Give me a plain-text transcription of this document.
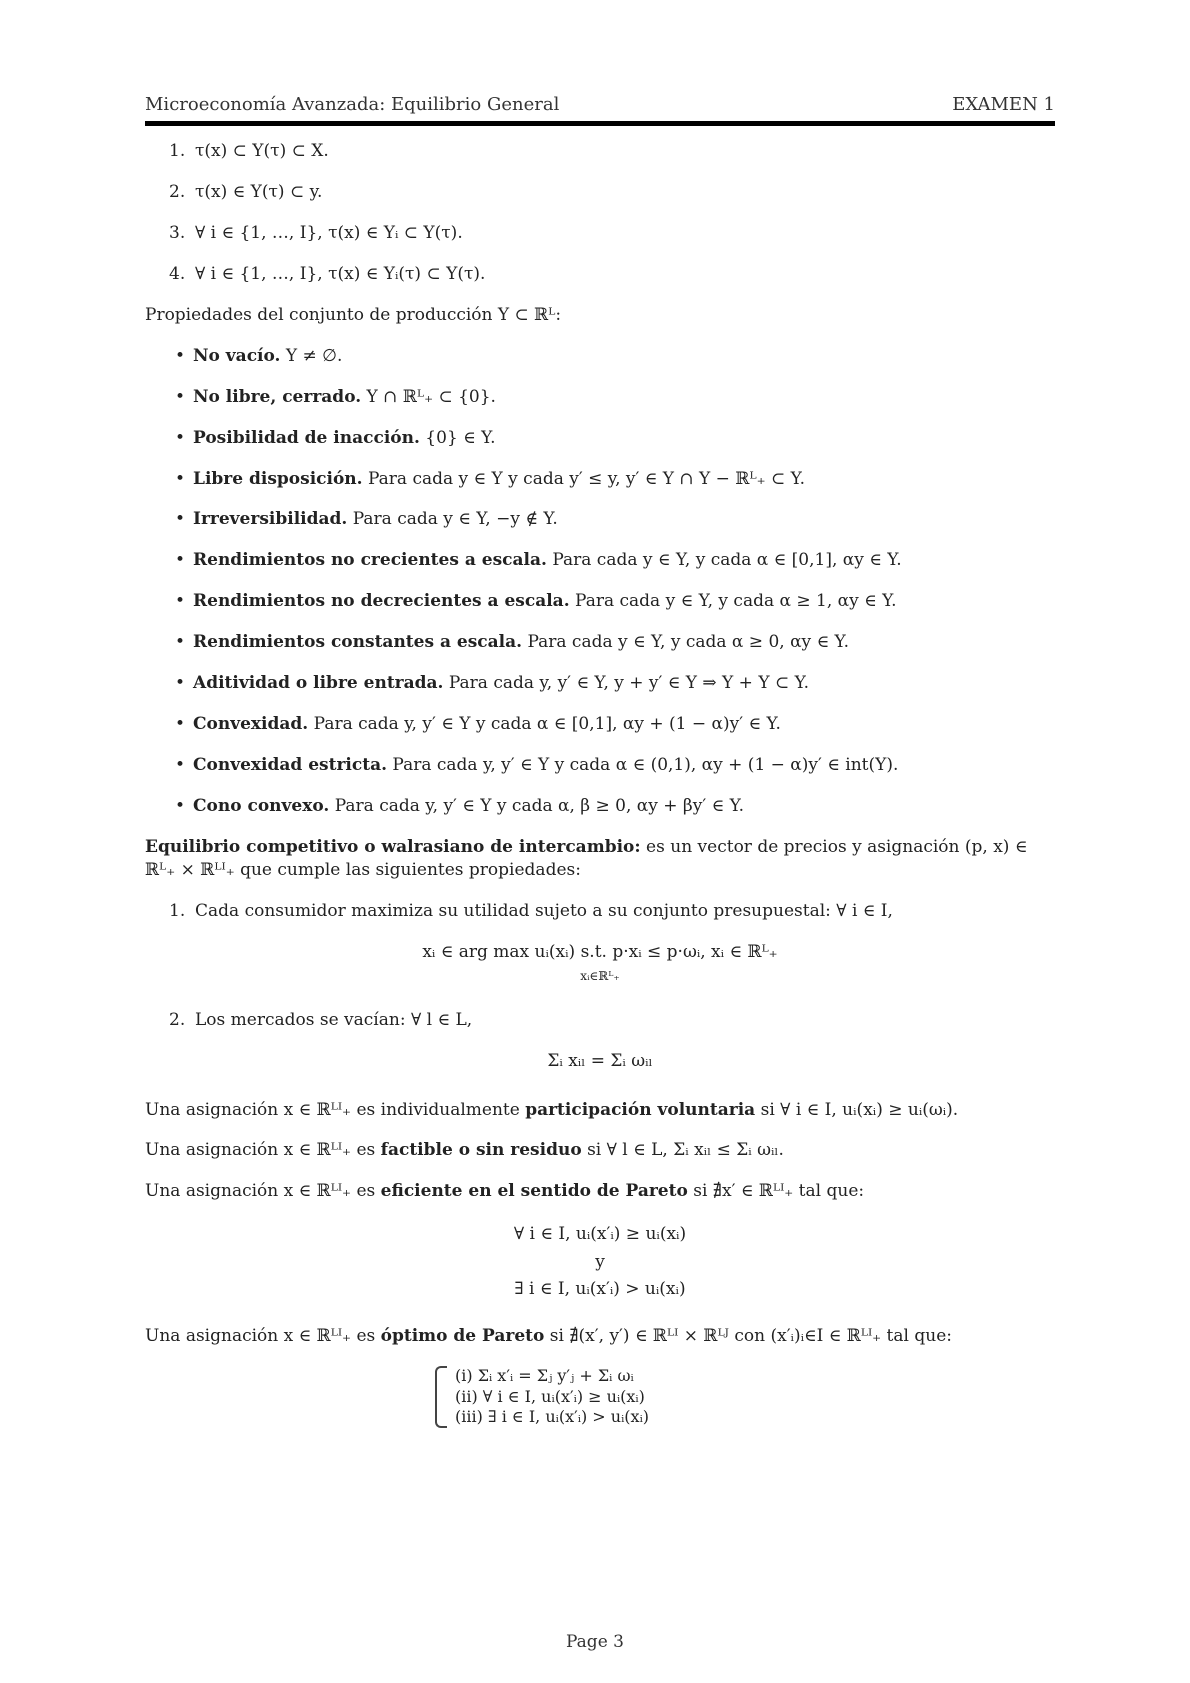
Microeconomía Avanzada: Equilibrio General	EXAMEN 1
1. τ(x) ⊂ Y(τ) ⊂ X.
2. τ(x) ∈ Y(τ) ⊂ y.
3. ∀ i ∈ {1, …, I}, τ(x) ∈ Yᵢ ⊂ Y(τ).
4. ∀ i ∈ {1, …, I}, τ(x) ∈ Yᵢ(τ) ⊂ Y(τ).

Propiedades del conjunto de producción Y ⊂ ℝᴸ:

• No vacío. Y ≠ ∅.
• No libre, cerrado. Y ∩ ℝᴸ₊ ⊂ {0}.
• Posibilidad de inacción. {0} ∈ Y.
• Libre disposición. Para cada y ∈ Y y cada y′ ≤ y, y′ ∈ Y ∩ Y − ℝᴸ₊ ⊂ Y.
• Irreversibilidad. Para cada y ∈ Y, −y ∉ Y.
• Rendimientos no crecientes a escala. Para cada y ∈ Y, y cada α ∈ [0,1], αy ∈ Y.
• Rendimientos no decrecientes a escala. Para cada y ∈ Y, y cada α ≥ 1, αy ∈ Y.
• Rendimientos constantes a escala. Para cada y ∈ Y, y cada α ≥ 0, αy ∈ Y.
• Aditividad o libre entrada. Para cada y, y′ ∈ Y, y + y′ ∈ Y ⇒ Y + Y ⊂ Y.
• Convexidad. Para cada y, y′ ∈ Y y cada α ∈ [0,1], αy + (1 − α)y′ ∈ Y.
• Convexidad estricta. Para cada y, y′ ∈ Y y cada α ∈ (0,1), αy + (1 − α)y′ ∈ int(Y).
• Cono convexo. Para cada y, y′ ∈ Y y cada α, β ≥ 0, αy + βy′ ∈ Y.

Equilibrio competitivo o walrasiano de intercambio: es un vector de precios y asignación (p, x) ∈ ℝᴸ₊ × ℝᴸᴵ₊ que cumple las siguientes propiedades:

1. Cada consumidor maximiza su utilidad sujeto a su conjunto presupuestal: ∀ i ∈ I,
xᵢ ∈ arg max uᵢ(xᵢ) s.t. p·xᵢ ≤ p·ωᵢ, xᵢ ∈ ℝᴸ₊
xᵢ∈ℝᴸ₊
2. Los mercados se vacían: ∀ l ∈ L,
Σᵢ xᵢₗ = Σᵢ ωᵢₗ

Una asignación x ∈ ℝᴸᴵ₊ es individualmente participación voluntaria si ∀ i ∈ I, uᵢ(xᵢ) ≥ uᵢ(ωᵢ).

Una asignación x ∈ ℝᴸᴵ₊ es factible o sin residuo si ∀ l ∈ L, Σᵢ xᵢₗ ≤ Σᵢ ωᵢₗ.

Una asignación x ∈ ℝᴸᴵ₊ es eficiente en el sentido de Pareto si ∄x′ ∈ ℝᴸᴵ₊ tal que:

∀ i ∈ I, uᵢ(x′ᵢ) ≥ uᵢ(xᵢ)
y
∃ i ∈ I, uᵢ(x′ᵢ) > uᵢ(xᵢ)

Una asignación x ∈ ℝᴸᴵ₊ es óptimo de Pareto si ∄(x′, y′) ∈ ℝᴸᴵ × ℝᴸᴶ con (x′ᵢ)ᵢ∈I ∈ ℝᴸᴵ₊ tal que:

(i) Σᵢ x′ᵢ = Σⱼ y′ⱼ + Σᵢ ωᵢ
(ii) ∀ i ∈ I, uᵢ(x′ᵢ) ≥ uᵢ(xᵢ)
(iii) ∃ i ∈ I, uᵢ(x′ᵢ) > uᵢ(xᵢ)
Page 3
